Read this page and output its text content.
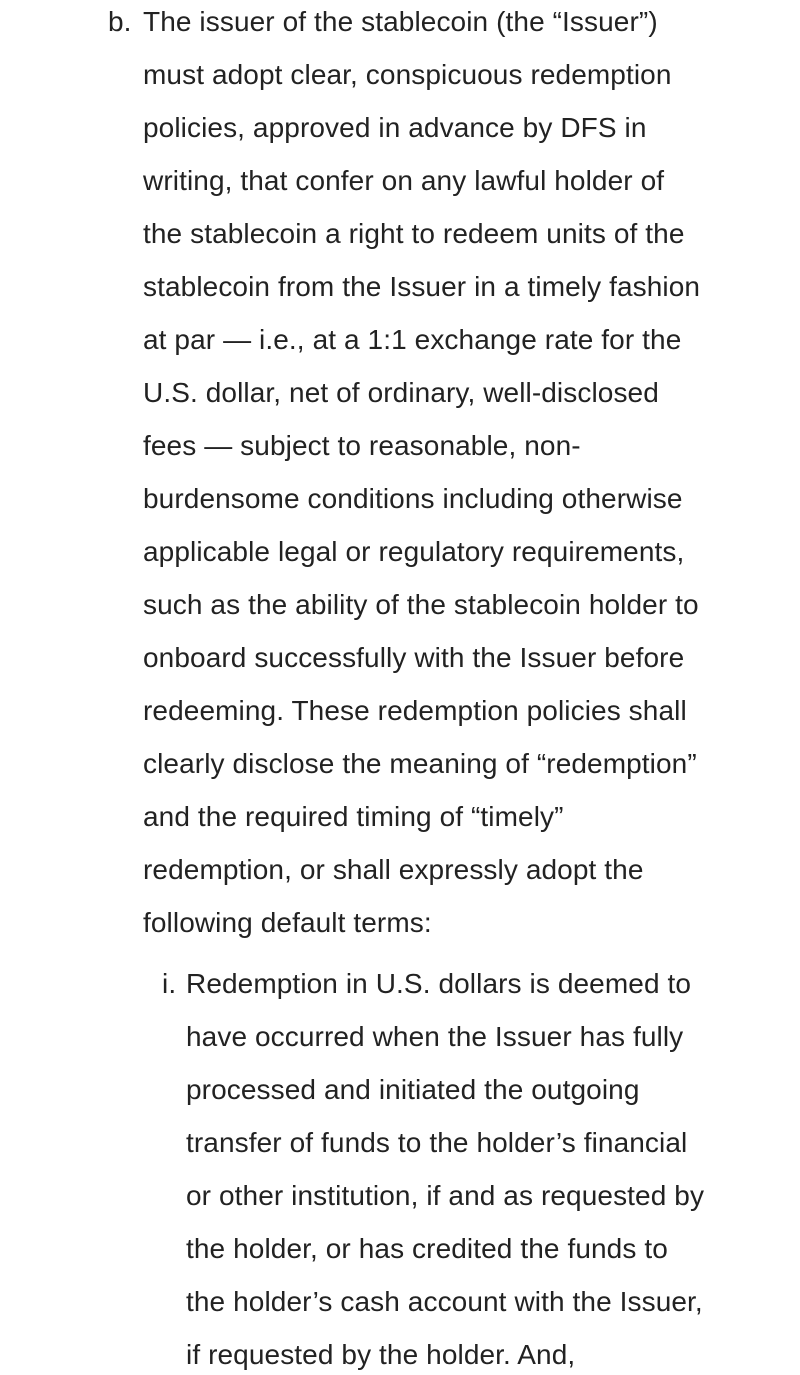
b. The issuer of the stablecoin (the “Issuer”)
must adopt clear, conspicuous redemption
policies, approved in advance by DFS in
writing, that confer on any lawful holder of
the stablecoin a right to redeem units of the
stablecoin from the Issuer in a timely fashion
at par — i.e., at a 1:1 exchange rate for the
U.S. dollar, net of ordinary, well-disclosed
fees — subject to reasonable, non-
burdensome conditions including otherwise
applicable legal or regulatory requirements,
such as the ability of the stablecoin holder to
onboard successfully with the Issuer before
redeeming. These redemption policies shall
clearly disclose the meaning of “redemption”
and the required timing of “timely”
redemption, or shall expressly adopt the
following default terms:
i. Redemption in U.S. dollars is deemed to
have occurred when the Issuer has fully
processed and initiated the outgoing
transfer of funds to the holder’s financial
or other institution, if and as requested by
the holder, or has credited the funds to
the holder’s cash account with the Issuer,
if requested by the holder. And,
